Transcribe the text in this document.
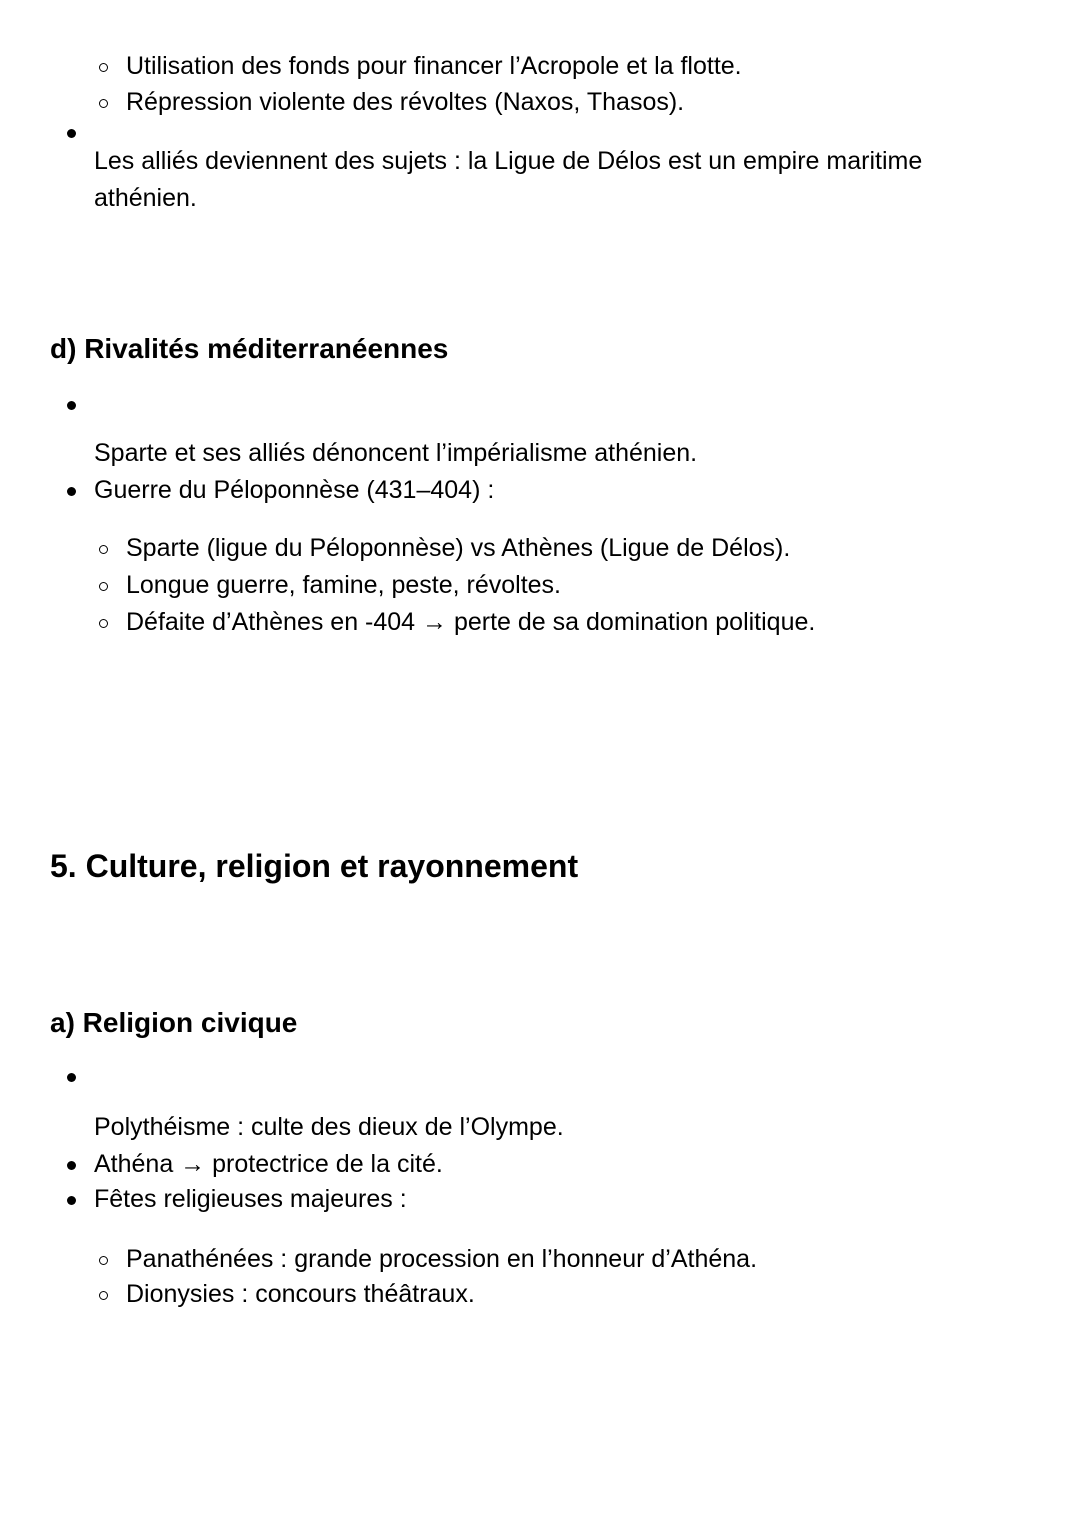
Utilisation des fonds pour financer l’Acropole et la flotte.
Répression violente des révoltes (Naxos, Thasos).
Les alliés deviennent des sujets : la Ligue de Délos est un empire maritime
athénien.
d) Rivalités méditerranéennes
Sparte et ses alliés dénoncent l’impérialisme athénien.
Guerre du Péloponnèse (431–404) :
Sparte (ligue du Péloponnèse) vs Athènes (Ligue de Délos).
Longue guerre, famine, peste, révoltes.
Défaite d’Athènes en -404 → perte de sa domination politique.
5. Culture, religion et rayonnement
a) Religion civique
Polythéisme : culte des dieux de l’Olympe.
Athéna → protectrice de la cité.
Fêtes religieuses majeures :
Panathénées : grande procession en l’honneur d’Athéna.
Dionysies : concours théâtraux.
